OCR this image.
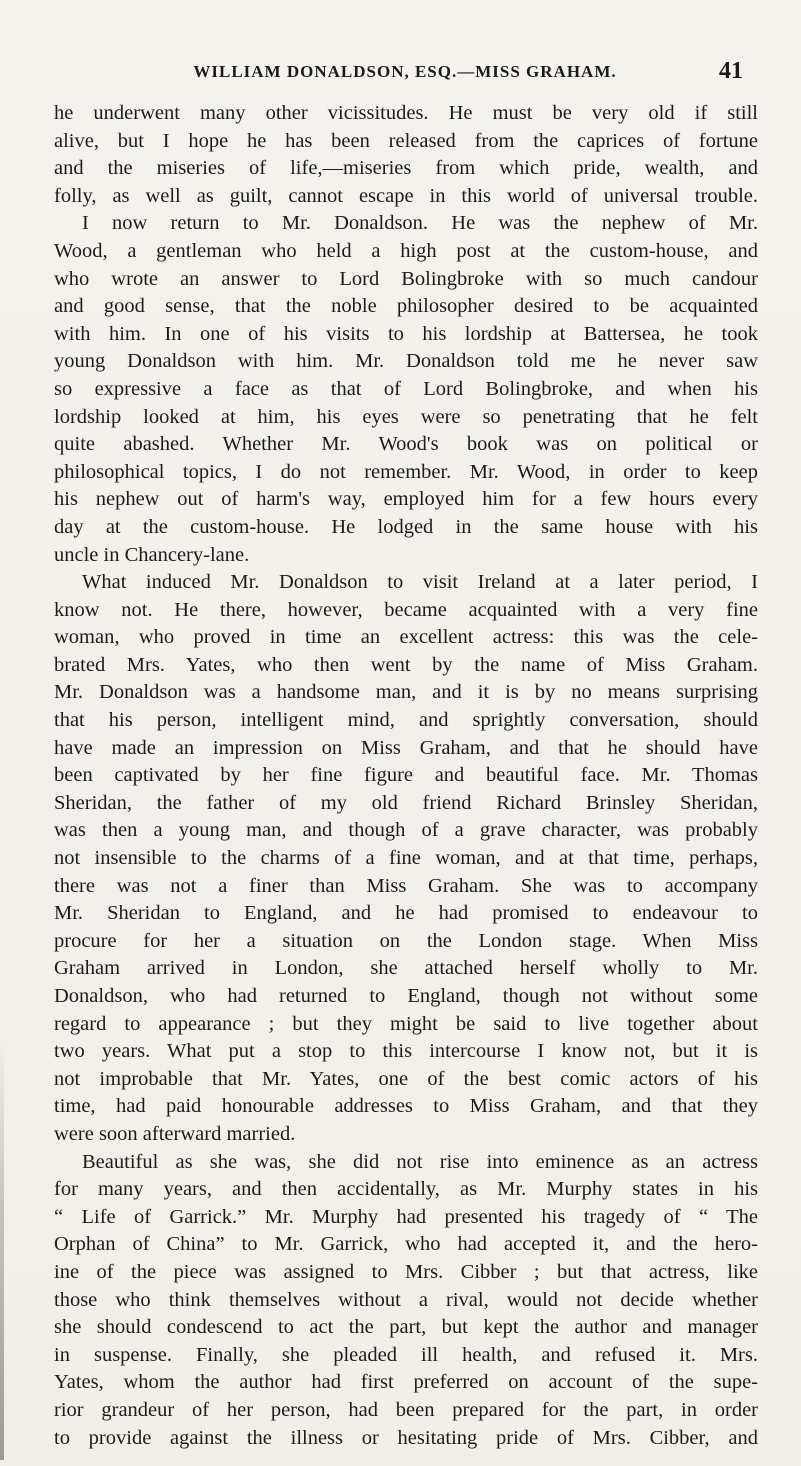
WILLIAM DONALDSON, ESQ.—MISS GRAHAM.	41
he underwent many other vicissitudes. He must be very old if still
alive, but I hope he has been released from the caprices of fortune
and the miseries of life,—miseries from which pride, wealth, and
folly, as well as guilt, cannot escape in this world of universal trouble.
I now return to Mr. Donaldson. He was the nephew of Mr.
Wood, a gentleman who held a high post at the custom-house, and
who wrote an answer to Lord Bolingbroke with so much candour
and good sense, that the noble philosopher desired to be acquainted
with him. In one of his visits to his lordship at Battersea, he took
young Donaldson with him. Mr. Donaldson told me he never saw
so expressive a face as that of Lord Bolingbroke, and when his
lordship looked at him, his eyes were so penetrating that he felt
quite abashed. Whether Mr. Wood's book was on political or
philosophical topics, I do not remember. Mr. Wood, in order to keep
his nephew out of harm's way, employed him for a few hours every
day at the custom-house. He lodged in the same house with his
uncle in Chancery-lane.
What induced Mr. Donaldson to visit Ireland at a later period, I
know not. He there, however, became acquainted with a very fine
woman, who proved in time an excellent actress: this was the cele-
brated Mrs. Yates, who then went by the name of Miss Graham.
Mr. Donaldson was a handsome man, and it is by no means surprising
that his person, intelligent mind, and sprightly conversation, should
have made an impression on Miss Graham, and that he should have
been captivated by her fine figure and beautiful face. Mr. Thomas
Sheridan, the father of my old friend Richard Brinsley Sheridan,
was then a young man, and though of a grave character, was probably
not insensible to the charms of a fine woman, and at that time, perhaps,
there was not a finer than Miss Graham. She was to accompany
Mr. Sheridan to England, and he had promised to endeavour to
procure for her a situation on the London stage. When Miss
Graham arrived in London, she attached herself wholly to Mr.
Donaldson, who had returned to England, though not without some
regard to appearance ; but they might be said to live together about
two years. What put a stop to this intercourse I know not, but it is
not improbable that Mr. Yates, one of the best comic actors of his
time, had paid honourable addresses to Miss Graham, and that they
were soon afterward married.
Beautiful as she was, she did not rise into eminence as an actress
for many years, and then accidentally, as Mr. Murphy states in his
“ Life of Garrick.” Mr. Murphy had presented his tragedy of “ The
Orphan of China” to Mr. Garrick, who had accepted it, and the hero-
ine of the piece was assigned to Mrs. Cibber ; but that actress, like
those who think themselves without a rival, would not decide whether
she should condescend to act the part, but kept the author and manager
in suspense. Finally, she pleaded ill health, and refused it. Mrs.
Yates, whom the author had first preferred on account of the supe-
rior grandeur of her person, had been prepared for the part, in order
to provide against the illness or hesitating pride of Mrs. Cibber, and
